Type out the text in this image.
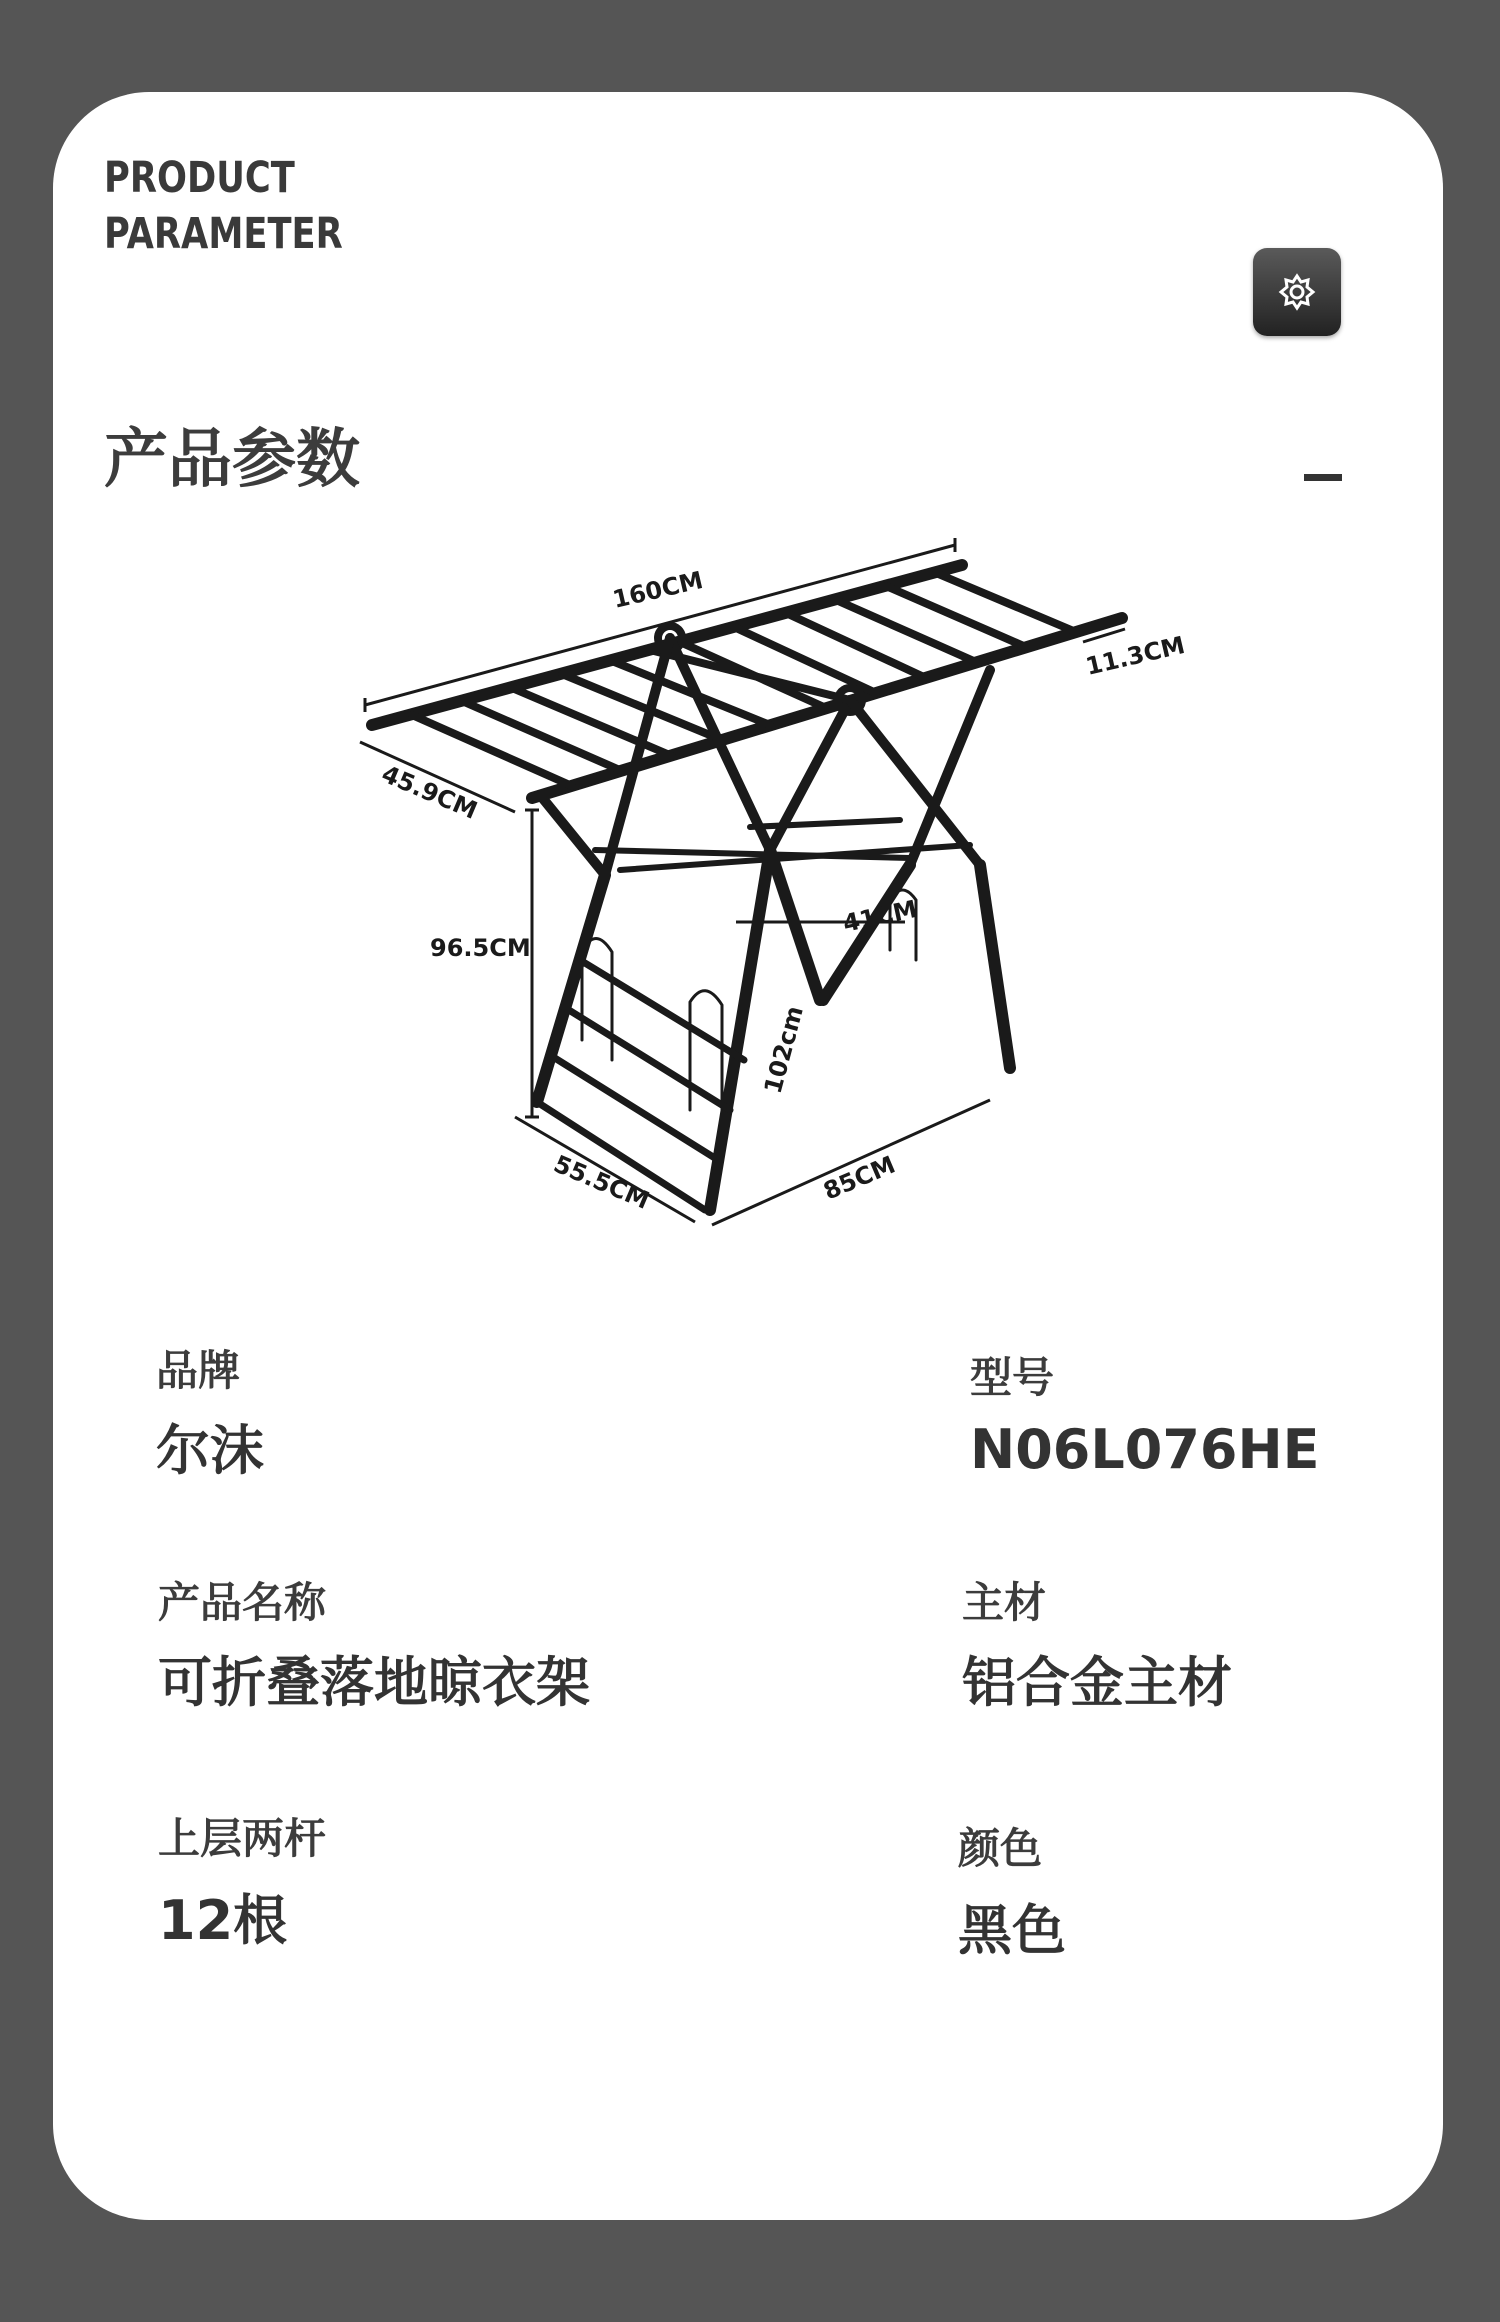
PRODUCT
PARAMETER
产品参数
160CM
45.9CM
11.3CM
96.5CM
41CM
102cm
55.5CM	85CM
品牌
尔沫
型号
N06L076HE
产品名称
可折叠落地晾衣架
主材
铝合金主材
上层两杆
12根
颜色
黑色
